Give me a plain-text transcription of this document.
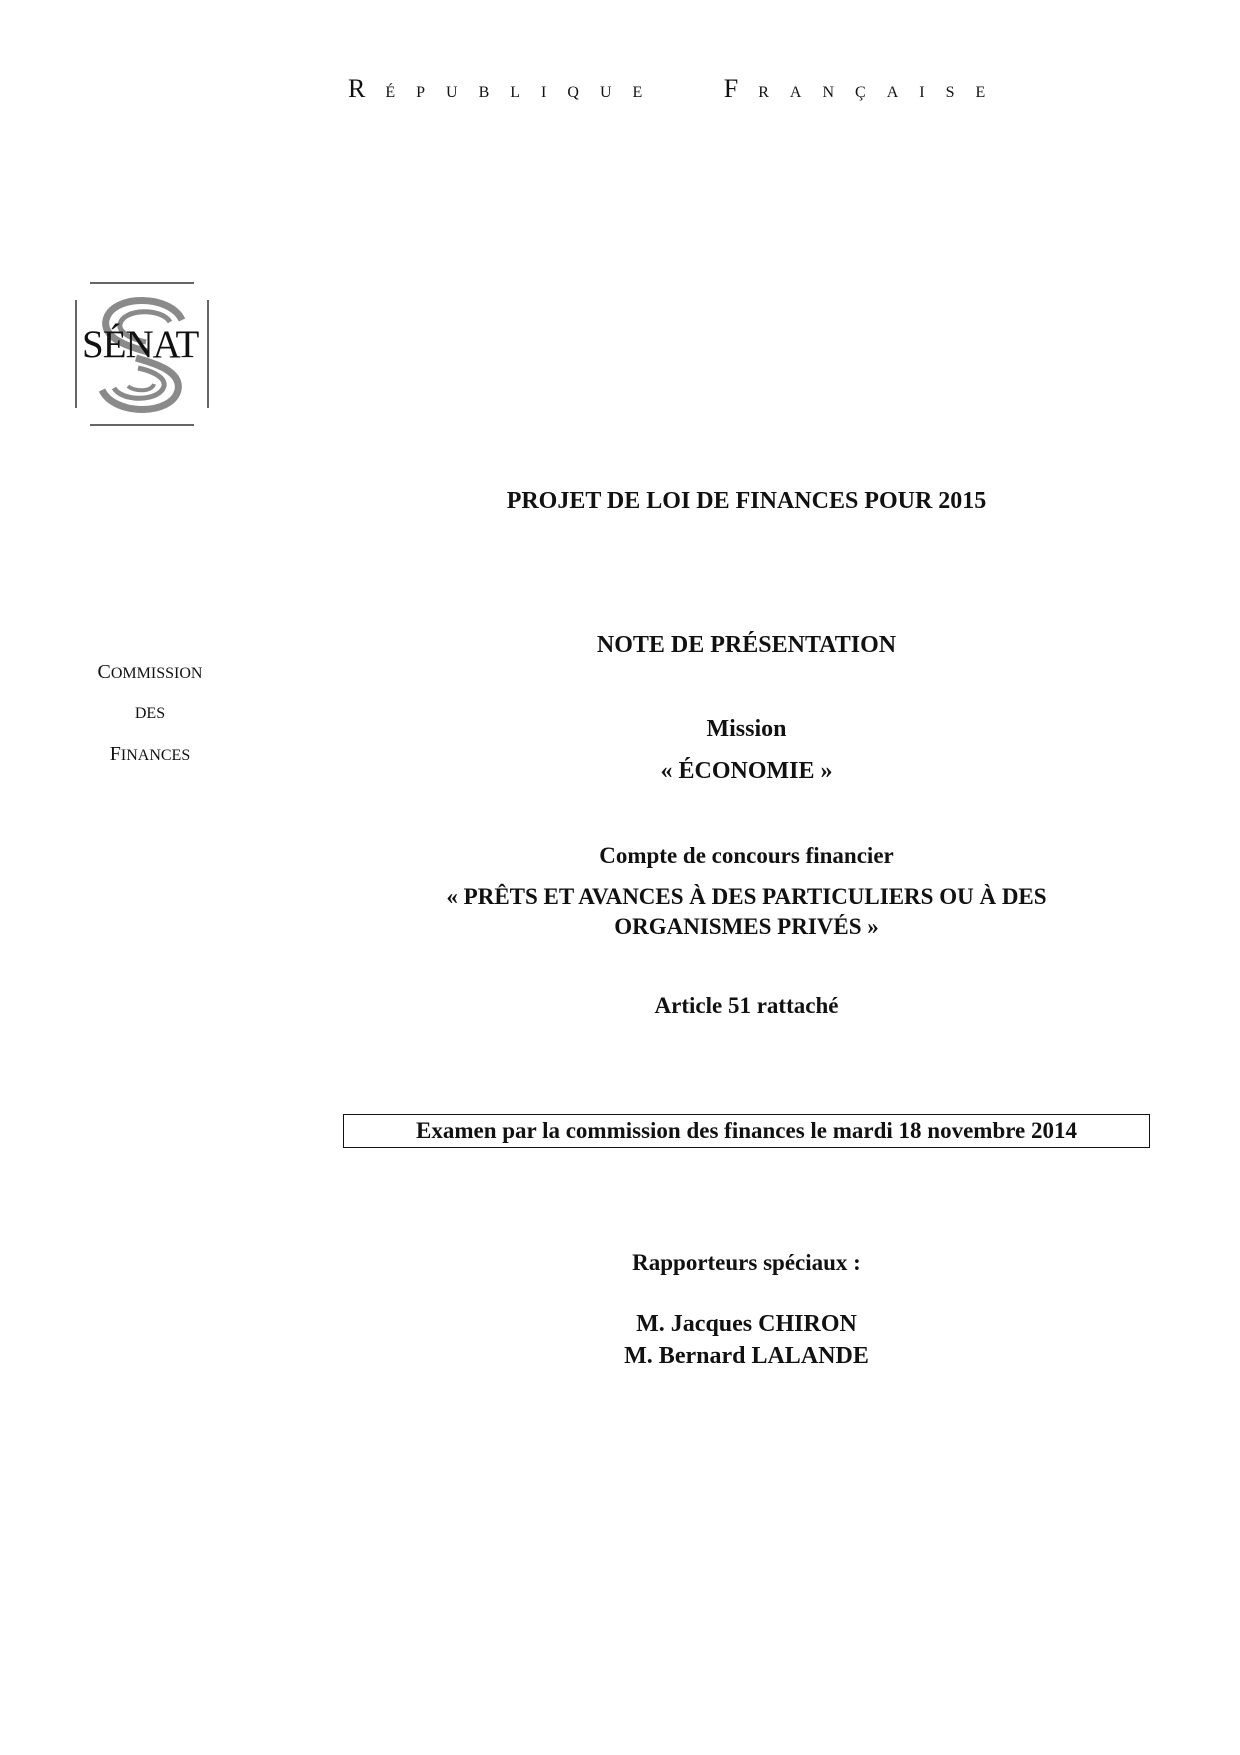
R É P U B L I Q U E	F R A N Ç A I S E
SÉNAT
COMMISSION
DES
FINANCES
PROJET DE LOI DE FINANCES POUR 2015
NOTE DE PRÉSENTATION
Mission
« ÉCONOMIE »
Compte de concours financier
« PRÊTS ET AVANCES À DES PARTICULIERS OU À DES
ORGANISMES PRIVÉS »
Article 51 rattaché
Examen par la commission des finances le mardi 18 novembre 2014
Rapporteurs spéciaux :
M. Jacques CHIRON
M. Bernard LALANDE
